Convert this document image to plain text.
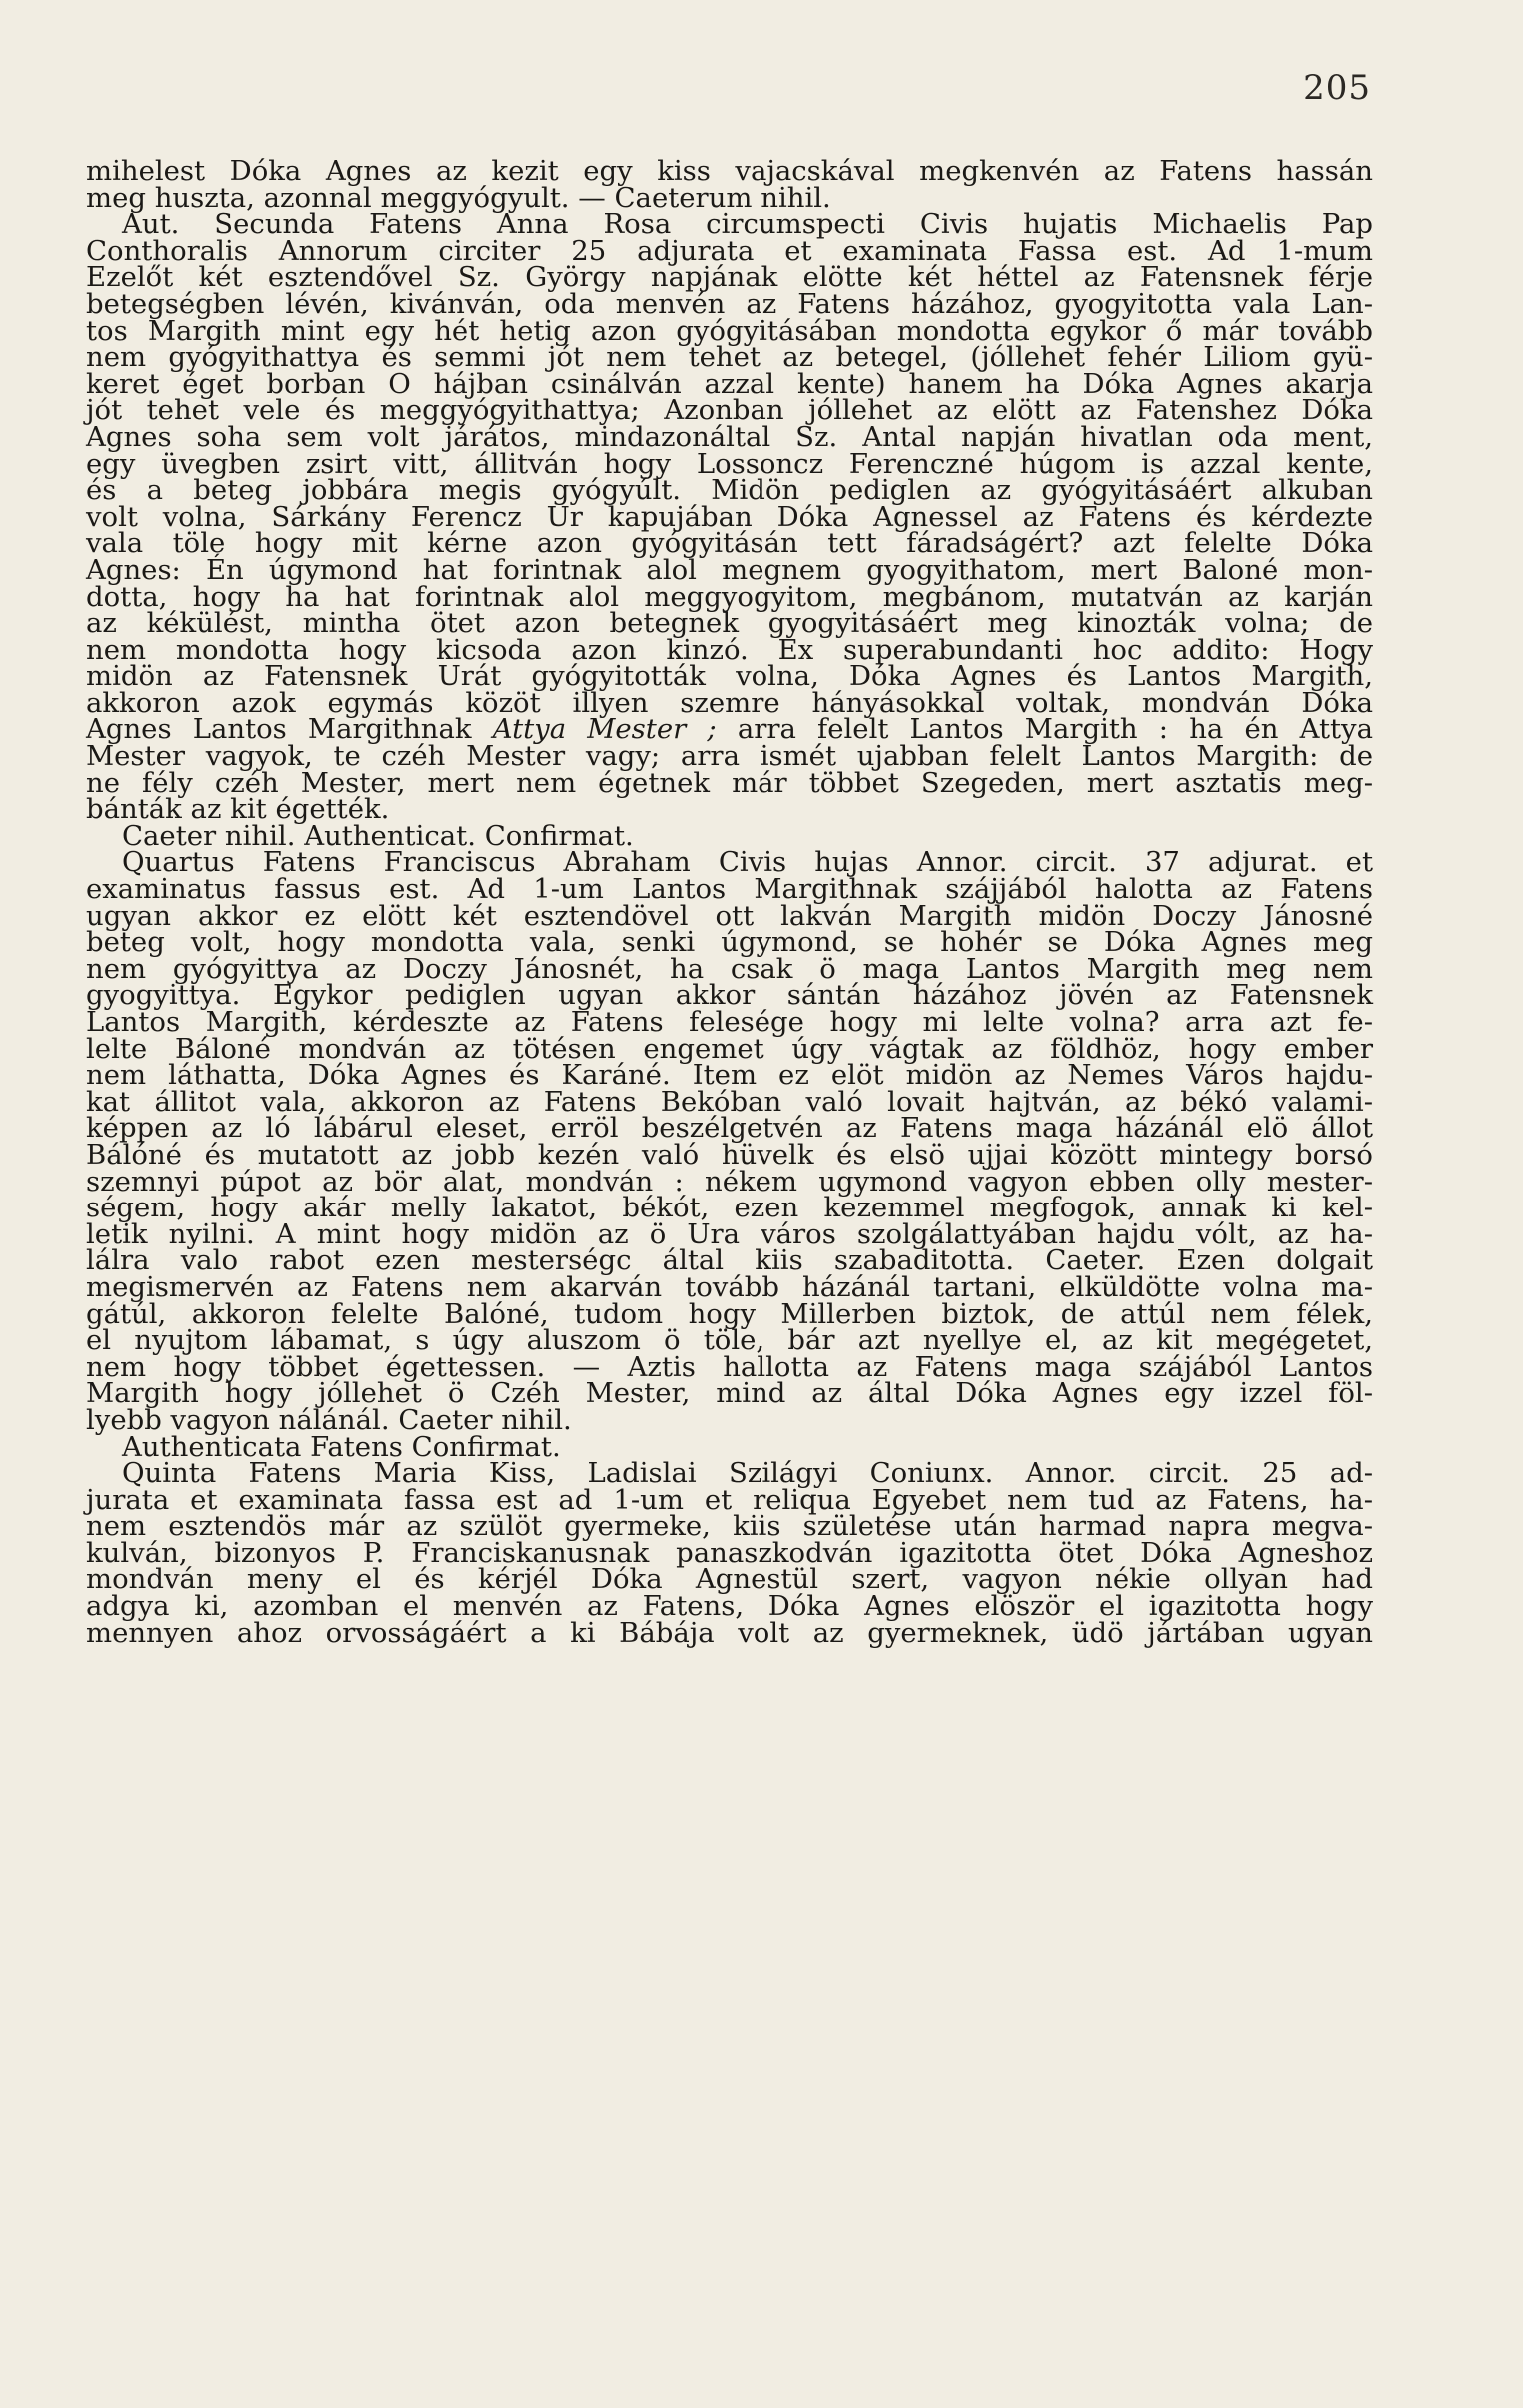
205
mihelest Dóka Agnes az kezit egy kiss vajacskával megkenvén az Fatens hassán
meg huszta, azonnal meggyógyult. — Caeterum nihil.
Aut. Secunda Fatens Anna Rosa circumspecti Civis hujatis Michaelis Pap
Conthoralis Annorum circiter 25 adjurata et examinata Fassa est. Ad 1-mum
Ezelőt két esztendővel Sz. György napjának elötte két héttel az Fatensnek férje
betegségben lévén, kivánván, oda menvén az Fatens házához, gyogyitotta vala Lan-
tos Margith mint egy hét hetig azon gyógyitásában mondotta egykor ő már tovább
nem gyógyithattya és semmi jót nem tehet az betegel, (jóllehet fehér Liliom gyü-
keret éget borban O hájban csinálván azzal kente) hanem ha Dóka Agnes akarja
jót tehet vele és meggyógyithattya; Azonban jóllehet az elött az Fatenshez Dóka
Agnes soha sem volt járátos, mindazonáltal Sz. Antal napján hivatlan oda ment,
egy üvegben zsirt vitt, állitván hogy Lossoncz Ferenczné húgom is azzal kente,
és a beteg jobbára megis gyógyúlt. Midön pediglen az gyógyitásáért alkuban
volt volna, Sárkány Ferencz Ur kapujában Dóka Agnessel az Fatens és kérdezte
vala töle hogy mit kérne azon gyógyitásán tett fáradságért? azt felelte Dóka
Agnes: Én úgymond hat forintnak alol megnem gyogyithatom, mert Baloné mon-
dotta, hogy ha hat forintnak alol meggyogyitom, megbánom, mutatván az karján
az kékülést, mintha ötet azon betegnek gyogyitásáért meg kinozták volna; de
nem mondotta hogy kicsoda azon kinzó. Ex superabundanti hoc addito: Hogy
midön az Fatensnek Urát gyógyitották volna, Dóka Agnes és Lantos Margith,
akkoron azok egymás közöt illyen szemre hányásokkal voltak, mondván Dóka
Agnes Lantos Margithnak Attya Mester ; arra felelt Lantos Margith : ha én Attya
Mester vagyok, te czéh Mester vagy; arra ismét ujabban felelt Lantos Margith: de
ne fély czéh Mester, mert nem égetnek már többet Szegeden, mert asztatis meg-
bánták az kit égették.
Caeter nihil. Authenticat. Confirmat.
Quartus Fatens Franciscus Abraham Civis hujas Annor. circit. 37 adjurat. et
examinatus fassus est. Ad 1-um Lantos Margithnak szájjából halotta az Fatens
ugyan akkor ez elött két esztendövel ott lakván Margith midön Doczy Jánosné
beteg volt, hogy mondotta vala, senki úgymond, se hohér se Dóka Agnes meg
nem gyógyittya az Doczy Jánosnét, ha csak ö maga Lantos Margith meg nem
gyogyittya. Egykor pediglen ugyan akkor sántán házához jövén az Fatensnek
Lantos Margith, kérdeszte az Fatens felesége hogy mi lelte volna? arra azt fe-
lelte Báloné mondván az tötésen engemet úgy vágtak az földhöz, hogy ember
nem láthatta, Dóka Agnes és Karáné. Item ez elöt midön az Nemes Város hajdu-
kat állitot vala, akkoron az Fatens Bekóban való lovait hajtván, az békó valami-
képpen az ló lábárul eleset, erröl beszélgetvén az Fatens maga házánál elö állot
Bálóné és mutatott az jobb kezén való hüvelk és elsö ujjai között mintegy borsó
szemnyi púpot az bör alat, mondván : nékem ugymond vagyon ebben olly mester-
ségem, hogy akár melly lakatot, békót, ezen kezemmel megfogok, annak ki kel-
letik nyilni. A mint hogy midön az ö Ura város szolgálattyában hajdu vólt, az ha-
lálra valo rabot ezen mesterségc által kiis szabaditotta. Caeter. Ezen dolgait
megismervén az Fatens nem akarván tovább házánál tartani, elküldötte volna ma-
gátúl, akkoron felelte Balóné, tudom hogy Millerben biztok, de attúl nem félek,
el nyujtom lábamat, s úgy aluszom ö töle, bár azt nyellye el, az kit megégetet,
nem hogy többet égettessen. — Aztis hallotta az Fatens maga szájából Lantos
Margith hogy jóllehet ö Czéh Mester, mind az által Dóka Agnes egy izzel föl-
lyebb vagyon nálánál. Caeter nihil.
Authenticata Fatens Confirmat.
Quinta Fatens Maria Kiss, Ladislai Szilágyi Coniunx. Annor. circit. 25 ad-
jurata et examinata fassa est ad 1-um et reliqua Egyebet nem tud az Fatens, ha-
nem esztendös már az szülöt gyermeke, kiis születése után harmad napra megva-
kulván, bizonyos P. Franciskanusnak panaszkodván igazitotta ötet Dóka Agneshoz
mondván meny el és kérjél Dóka Agnestül szert, vagyon nékie ollyan had
adgya ki, azomban el menvén az Fatens, Dóka Agnes elöször el igazitotta hogy
mennyen ahoz orvosságáért a ki Bábája volt az gyermeknek, üdö jártában ugyan
